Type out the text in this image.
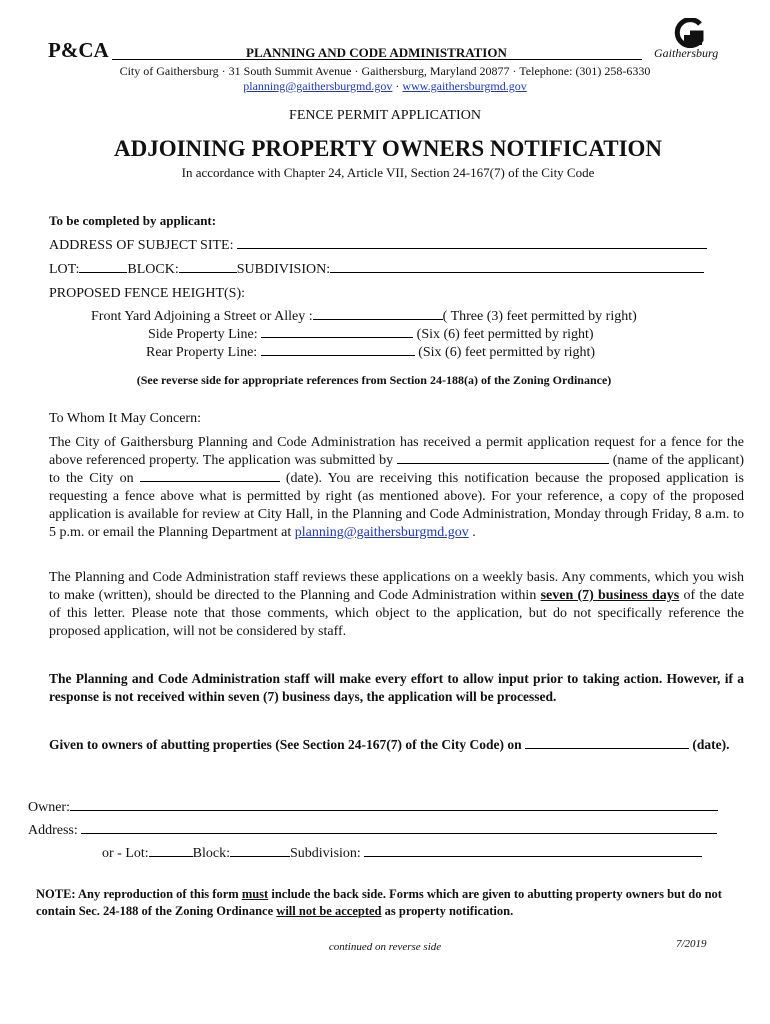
P&CA	PLANNING AND CODE ADMINISTRATION	Gaithersburg
City of Gaithersburg · 31 South Summit Avenue · Gaithersburg, Maryland 20877 · Telephone: (301) 258-6330
planning@gaithersburgmd.gov · www.gaithersburgmd.gov
FENCE PERMIT APPLICATION
ADJOINING PROPERTY OWNERS NOTIFICATION
In accordance with Chapter 24, Article VII, Section 24-167(7) of the City Code
To be completed by applicant:
ADDRESS OF SUBJECT SITE:
LOT:	BLOCK:	SUBDIVISION:
PROPOSED FENCE HEIGHT(S):
Front Yard Adjoining a Street or Alley :	( Three (3) feet permitted by right)
Side Property Line:	(Six (6) feet permitted by right)
Rear Property Line:	(Six (6) feet permitted by right)
(See reverse side for appropriate references from Section 24-188(a) of the Zoning Ordinance)
To Whom It May Concern:
The City of Gaithersburg Planning and Code Administration has received a permit application request for a fence for the above referenced property. The application was submitted by	(name of the applicant) to the City on	(date). You are receiving this notification because the proposed application is requesting a fence above what is permitted by right (as mentioned above). For your reference, a copy of the proposed application is available for review at City Hall, in the Planning and Code Administration, Monday through Friday, 8 a.m. to 5 p.m. or email the Planning Department at planning@gaithersburgmd.gov .
The Planning and Code Administration staff reviews these applications on a weekly basis. Any comments, which you wish to make (written), should be directed to the Planning and Code Administration within seven (7) business days of the date of this letter. Please note that those comments, which object to the application, but do not specifically reference the proposed application, will not be considered by staff.
The Planning and Code Administration staff will make every effort to allow input prior to taking action. However, if a response is not received within seven (7) business days, the application will be processed.
Given to owners of abutting properties (See Section 24-167(7) of the City Code) on	(date).
Owner:
Address:
or - Lot:	Block:	Subdivision:
NOTE: Any reproduction of this form must include the back side. Forms which are given to abutting property owners but do not contain Sec. 24-188 of the Zoning Ordinance will not be accepted as property notification.
continued on reverse side	7/2019
